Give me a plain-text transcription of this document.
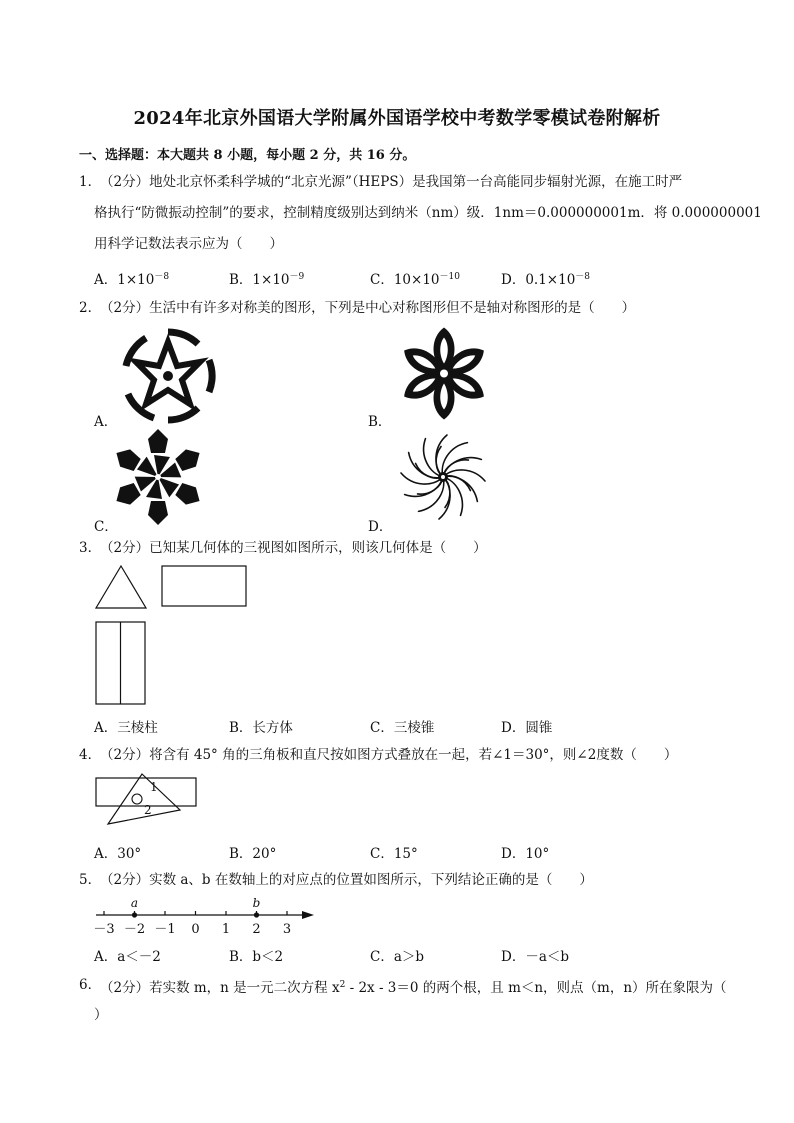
2024年北京外国语大学附属外国语学校中考数学零模试卷附解析
一、选择题：本大题共 8 小题，每小题 2 分，共 16 分。
1．
（2分）地处北京怀柔科学城的“北京光源”（HEPS）是我国第一台高能同步辐射光源，在施工时严
格执行“防微振动控制”的要求，控制精度级别达到纳米（nm）级．1nm＝0.000000001m．将 0.000000001
用科学记数法表示应为（　　）
A．$1\times 10^{-8}$	B．$1\times 10^{-9}$	C．$10\times 10^{-10}$	D．$0.1\times 10^{-8}$
2．
（2分）生活中有许多对称美的图形，下列是中心对称图形但不是轴对称图形的是（　　）
A．	B．
C．	D．
3．
（2分）已知某几何体的三视图如图所示，则该几何体是（　　）
A．三棱柱	B．长方体	C．三棱锥	D．圆锥
4．
（2分）将含有 45° 角的三角板和直尺按如图方式叠放在一起，若∠1＝30°，则∠2度数（　　）
1
2
A．30°	B．20°	C．15°	D．10°
5．
（2分）实数 a、b 在数轴上的对应点的位置如图所示，下列结论正确的是（　　）
－3 －2 －1 0 1 2 3
a	b
A．a＜－2	B．b＜2	C．a＞b	D．－a＜b
6．
（2分）若实数 m，n 是一元二次方程 $x^2 - 2x - 3=0$ 的两个根，且 m＜n，则点（m，n）所在象限为（
）
